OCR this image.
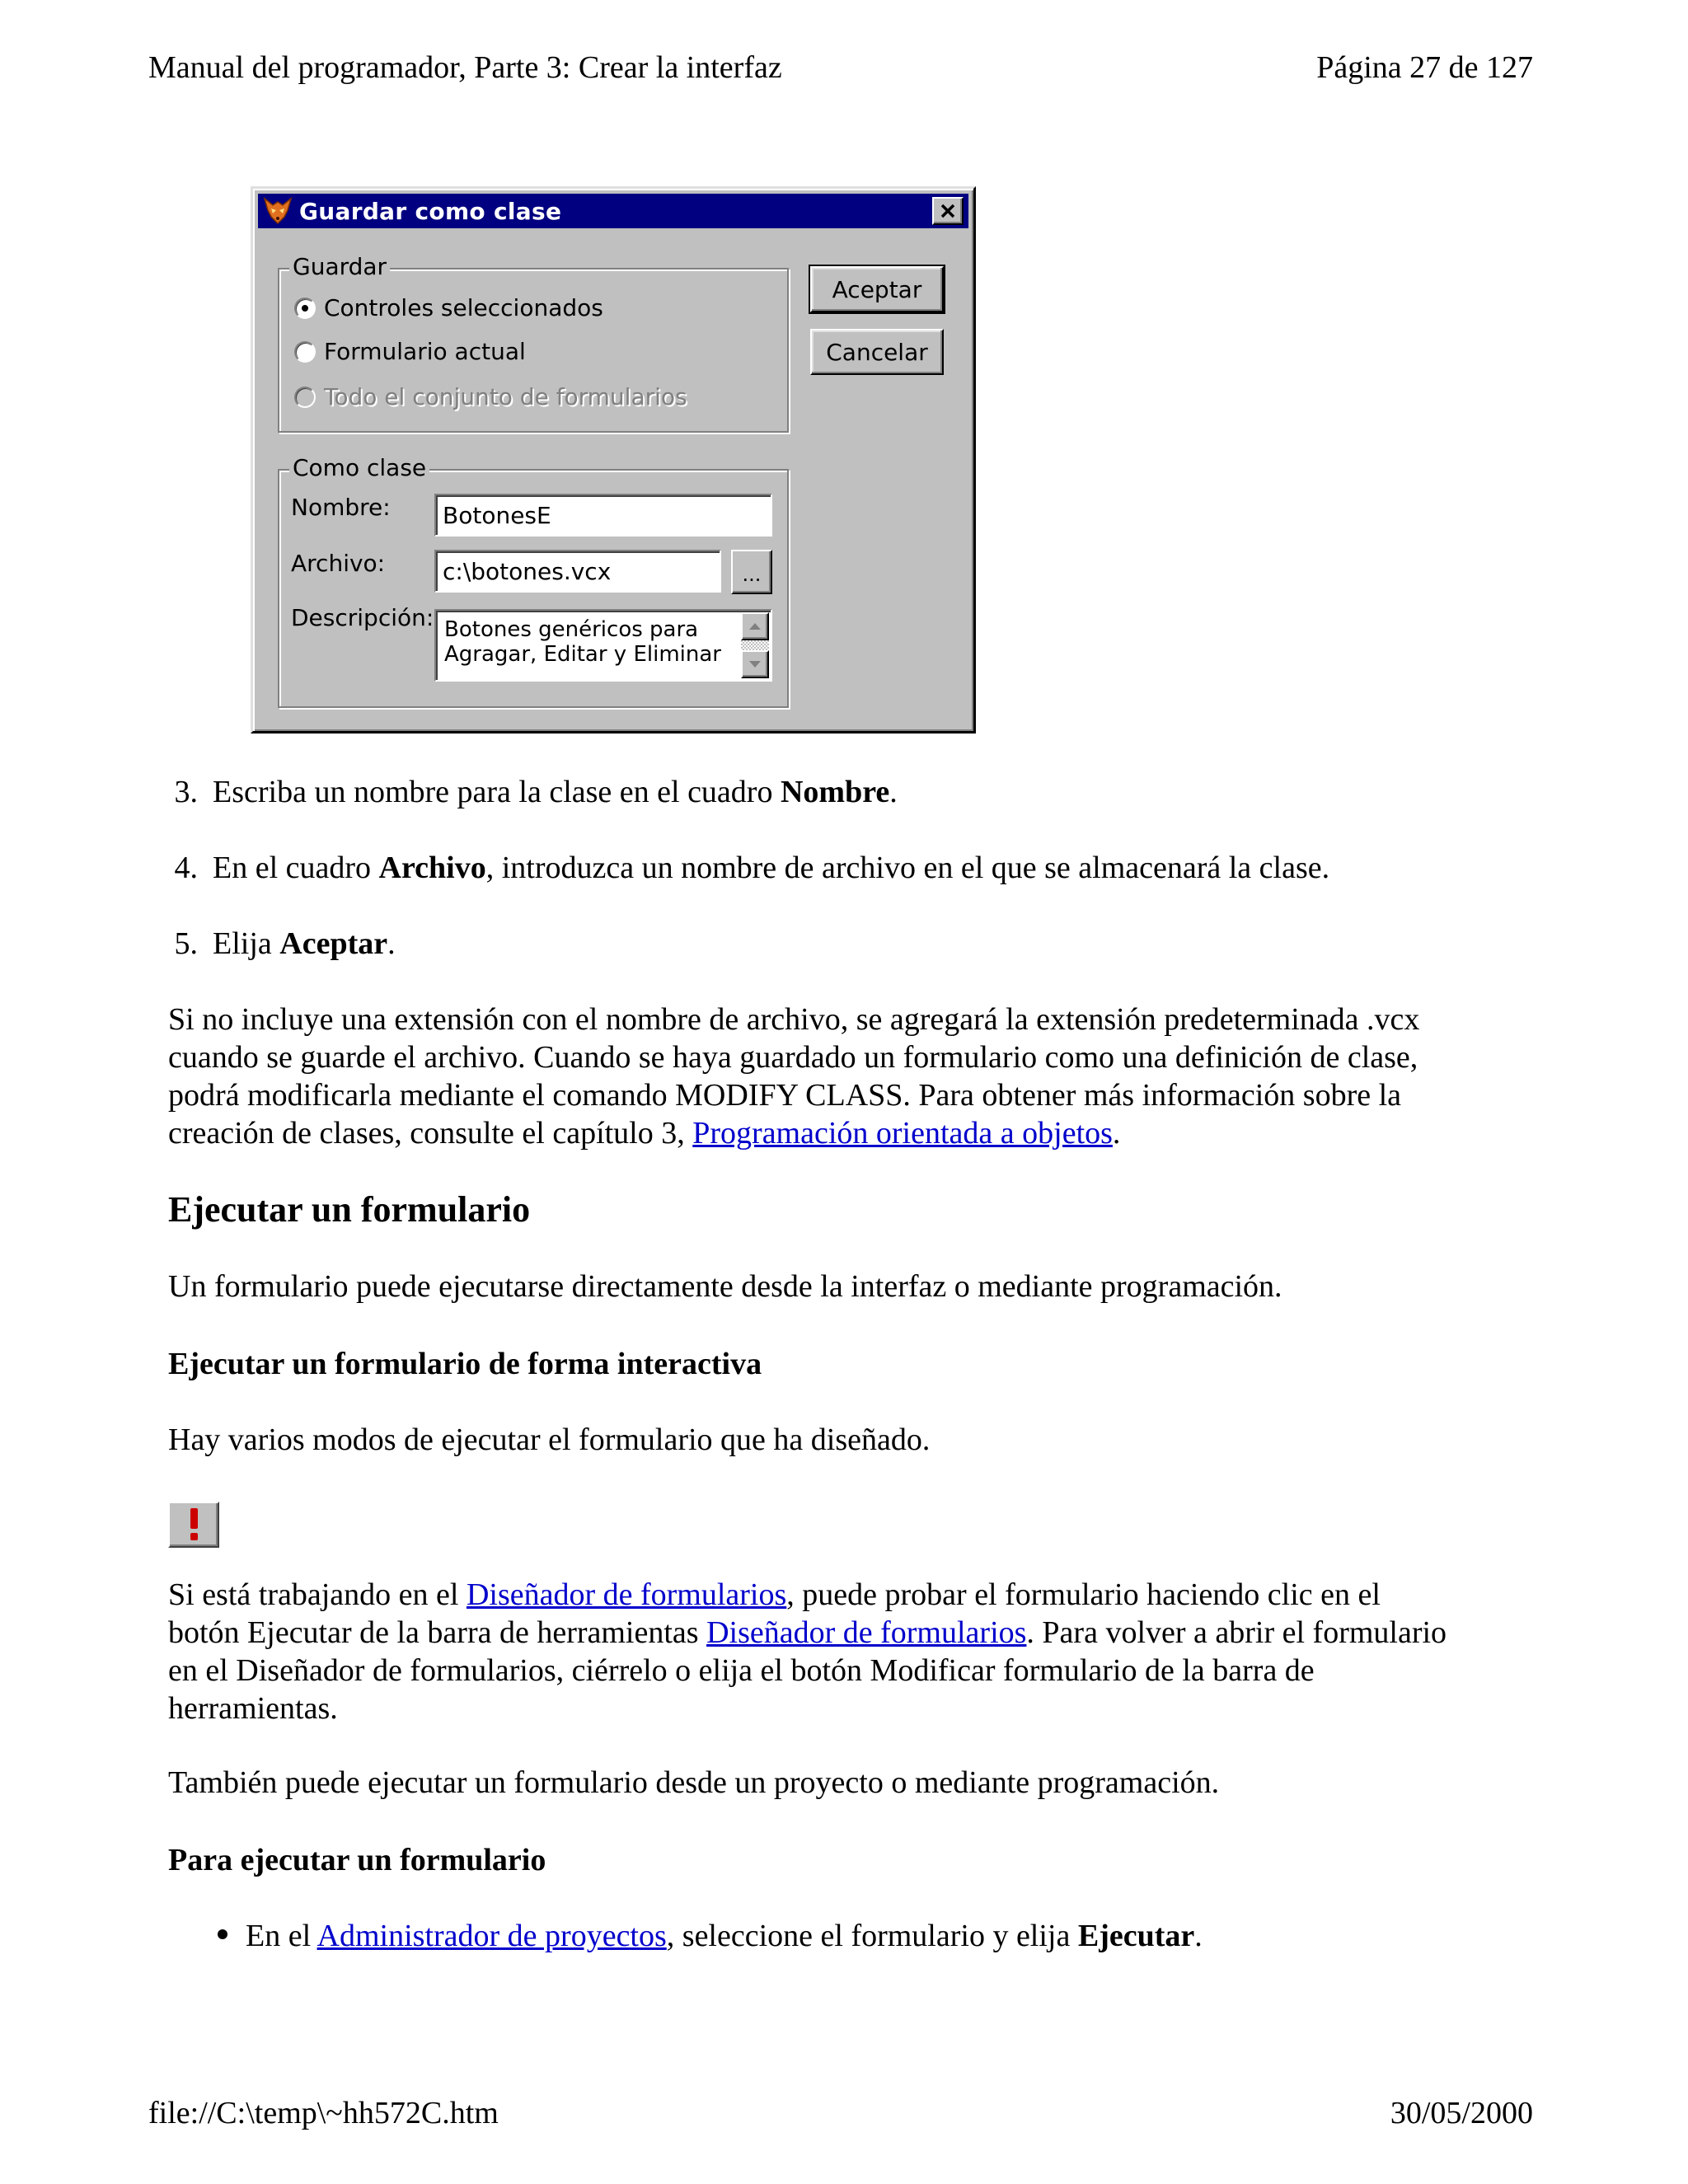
Manual del programador, Parte 3: Crear la interfaz	Página 27 de 127
Guardar como clase
Guardar
Controles seleccionados
Formulario actual
Todo el conjunto de formularios
Aceptar
Cancelar
Como clase
Nombre:	BotonesE
Archivo:	c:\botones.vcx	...
Descripción: Botones genéricos para
Agragar, Editar y Eliminar
3. Escriba un nombre para la clase en el cuadro Nombre.
4. En el cuadro Archivo, introduzca un nombre de archivo en el que se almacenará la clase.
5. Elija Aceptar.
Si no incluye una extensión con el nombre de archivo, se agregará la extensión predeterminada .vcx
cuando se guarde el archivo. Cuando se haya guardado un formulario como una definición de clase,
podrá modificarla mediante el comando MODIFY CLASS. Para obtener más información sobre la
creación de clases, consulte el capítulo 3, Programación orientada a objetos.
Ejecutar un formulario
Un formulario puede ejecutarse directamente desde la interfaz o mediante programación.
Ejecutar un formulario de forma interactiva
Hay varios modos de ejecutar el formulario que ha diseñado.
Si está trabajando en el Diseñador de formularios, puede probar el formulario haciendo clic en el
botón Ejecutar de la barra de herramientas Diseñador de formularios. Para volver a abrir el formulario
en el Diseñador de formularios, ciérrelo o elija el botón Modificar formulario de la barra de
herramientas.
También puede ejecutar un formulario desde un proyecto o mediante programación.
Para ejecutar un formulario
En el Administrador de proyectos, seleccione el formulario y elija Ejecutar.
file://C:\temp\~hh572C.htm	30/05/2000
